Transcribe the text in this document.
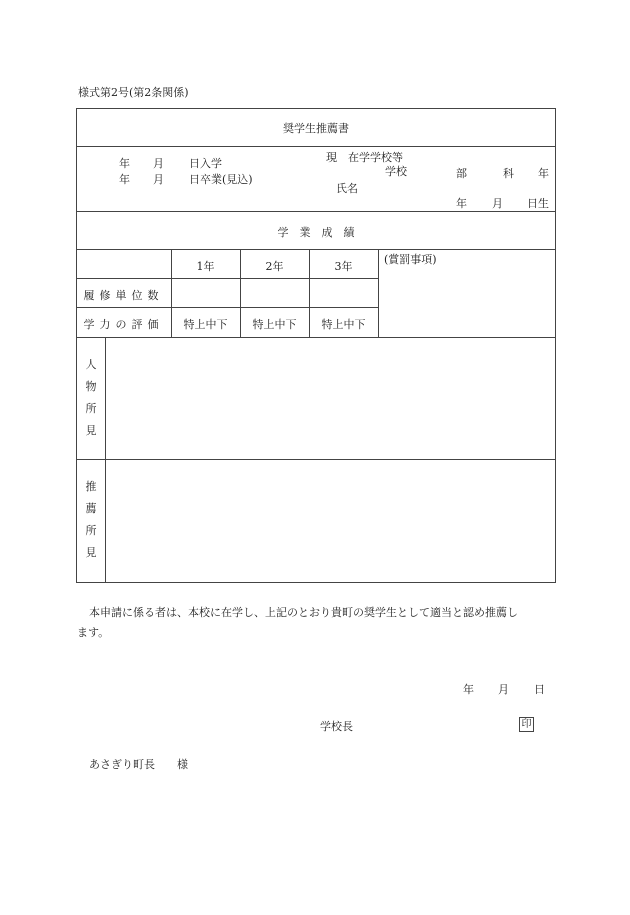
様式第2号(第2条関係)
奨学生推薦書
年 月 日入学
年 月 日卒業(見込)
現　在学学校等
学校	部	科 年
氏名
年 月 日生
学　業　成　績
1年	2年	3年
(賞罰事項)
履修単位数
学力の評価	特上中下	特上中下	特上中下
人
物
所
見
推
薦
所
見
本申請に係る者は、本校に在学し、上記のとおり貴町の奨学生として適当と認め推薦し
ます。
年 月 日
学校長	印
あさぎり町長　　様
